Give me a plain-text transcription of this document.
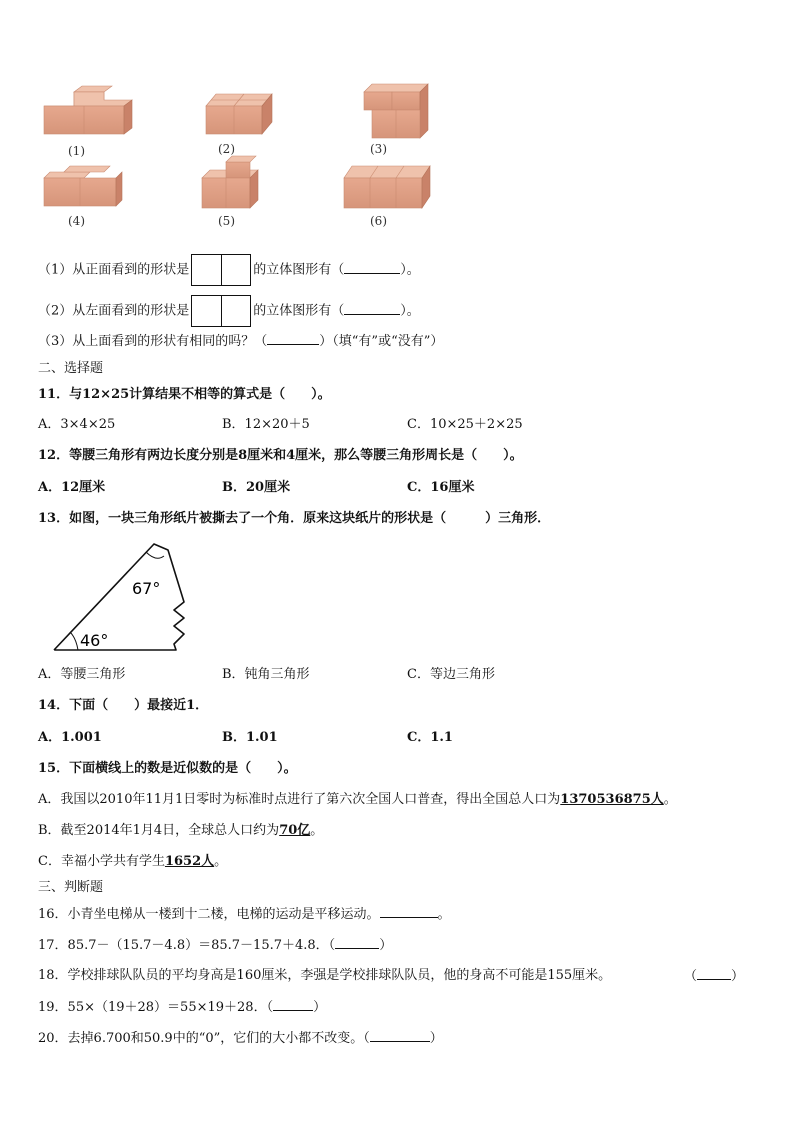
(1)	(2)	(3)
(4)	(5)	(6)
（1）从正面看到的形状是	的立体图形有（	）。
（2）从左面看到的形状是	的立体图形有（	）。
（3）从上面看到的形状有相同的吗？（	）（填“有”或“没有”）
二、选择题
11．与12×25计算结果不相等的算式是（　　）。
A．3×4×25	B．12×20＋5	C．10×25＋2×25
12．等腰三角形有两边长度分别是8厘米和4厘米，那么等腰三角形周长是（　　）。
A．12厘米	B．20厘米	C．16厘米
13．如图，一块三角形纸片被撕去了一个角．原来这块纸片的形状是（　　　）三角形．
67°
46°
A．等腰三角形	B．钝角三角形	C．等边三角形
14．下面（　　）最接近1．
A．1.001	B．1.01	C．1.1
15．下面横线上的数是近似数的是（　　）。
A．我国以2010年11月1日零时为标准时点进行了第六次全国人口普查，得出全国总人口为1370536875人。
B．截至2014年1月4日，全球总人口约为70亿。
C．幸福小学共有学生1652人。
三、判断题
16．小青坐电梯从一楼到十二楼，电梯的运动是平移运动。	。
17．85.7－（15.7－4.8）＝85.7－15.7＋4.8．（	）
18．学校排球队队员的平均身高是160厘米，李强是学校排球队队员，他的身高不可能是155厘米。	（	）
19．55×（19＋28）＝55×19＋28．（	）
20．去掉6.700和50.9中的“0”，它们的大小都不改变。（	）
